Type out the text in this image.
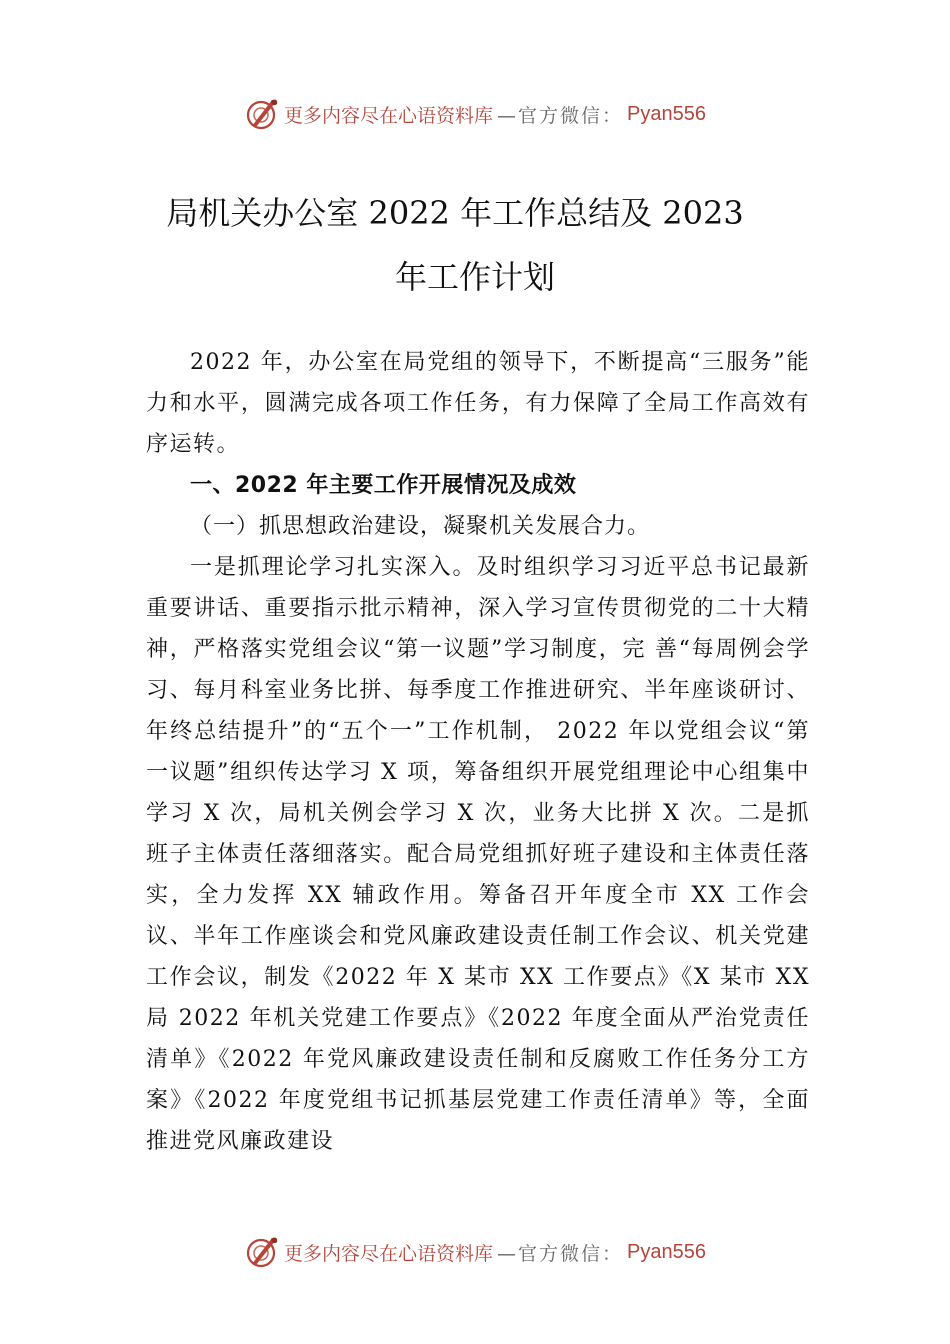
更多内容尽在心语资料库 —官方微信： Pyan556
局机关办公室 2022 年工作总结及 2023
年工作计划

2022 年，办公室在局党组的领导下，不断提高“三服务”能力和水平，圆满完成各项工作任务，有力保障了全局工作高效有序运转。

一、2022 年主要工作开展情况及成效

（一）抓思想政治建设，凝聚机关发展合力。

一是抓理论学习扎实深入。及时组织学习习近平总书记最新重要讲话、重要指示批示精神，深入学习宣传贯彻党的二十大精神，严格落实党组会议“第一议题”学习制度，完 善“每周例会学习、每月科室业务比拼、每季度工作推进研究、半年座谈研讨、年终总结提升”的“五个一”工作机制， 2022 年以党组会议“第一议题”组织传达学习 X 项，筹备组织开展党组理论中心组集中学习 X 次，局机关例会学习 X 次，业务大比拼 X 次。二是抓班子主体责任落细落实。配合局党组抓好班子建设和主体责任落实，全力发挥 XX 辅政作用。筹备召开年度全市 XX 工作会议、半年工作座谈会和党风廉政建设责任制工作会议、机关党建工作会议，制发《2022 年 X 某市 XX 工作要点》《X 某市 XX 局 2022 年机关党建工作要点》《2022 年度全面从严治党责任清单》《2022 年党风廉政建设责任制和反腐败工作任务分工方案》《2022 年度党组书记抓基层党建工作责任清单》等，全面推进党风廉政建设

更多内容尽在心语资料库 —官方微信： Pyan556
